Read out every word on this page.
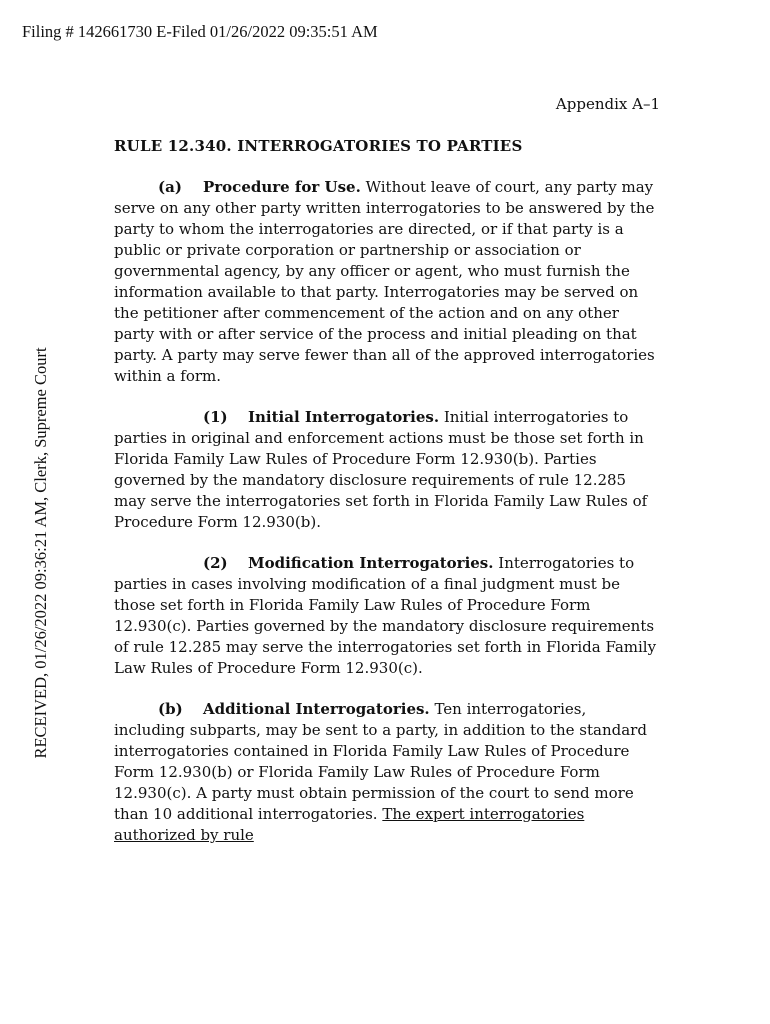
Filing # 142661730 E-Filed 01/26/2022 09:35:51 AM
RECEIVED, 01/26/2022 09:36:21 AM, Clerk, Supreme Court
Appendix A–1
RULE 12.340. INTERROGATORIES TO PARTIES

(a) Procedure for Use. Without leave of court, any party may serve on any other party written interrogatories to be answered by the party to whom the interrogatories are directed, or if that party is a public or private corporation or partnership or association or governmental agency, by any officer or agent, who must furnish the information available to that party. Interrogatories may be served on the petitioner after commencement of the action and on any other party with or after service of the process and initial pleading on that party. A party may serve fewer than all of the approved interrogatories within a form.

(1) Initial Interrogatories. Initial interrogatories to parties in original and enforcement actions must be those set forth in Florida Family Law Rules of Procedure Form 12.930(b). Parties governed by the mandatory disclosure requirements of rule 12.285 may serve the interrogatories set forth in Florida Family Law Rules of Procedure Form 12.930(b).

(2) Modification Interrogatories. Interrogatories to parties in cases involving modification of a final judgment must be those set forth in Florida Family Law Rules of Procedure Form 12.930(c). Parties governed by the mandatory disclosure requirements of rule 12.285 may serve the interrogatories set forth in Florida Family Law Rules of Procedure Form 12.930(c).

(b) Additional Interrogatories. Ten interrogatories, including subparts, may be sent to a party, in addition to the standard interrogatories contained in Florida Family Law Rules of Procedure Form 12.930(b) or Florida Family Law Rules of Procedure Form 12.930(c). A party must obtain permission of the court to send more than 10 additional interrogatories. The expert interrogatories authorized by rule
